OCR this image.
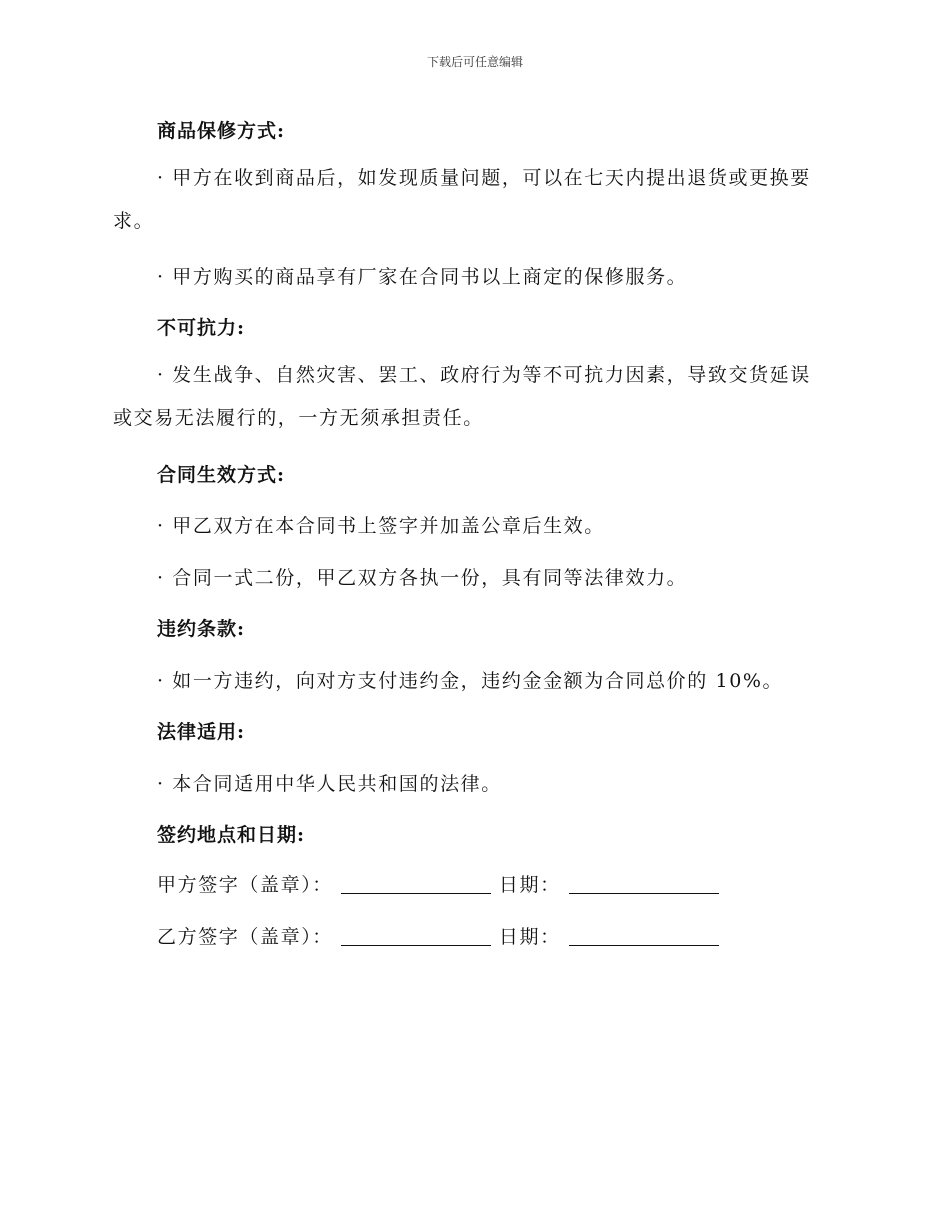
下载后可任意编辑
商品保修方式:
· 甲方在收到商品后，如发现质量问题，可以在七天内提出退货或更换要求。
· 甲方购买的商品享有厂家在合同书以上商定的保修服务。
不可抗力:
· 发生战争、自然灾害、罢工、政府行为等不可抗力因素，导致交货延误或交易无法履行的，一方无须承担责任。
合同生效方式:
· 甲乙双方在本合同书上签字并加盖公章后生效。
· 合同一式二份，甲乙双方各执一份，具有同等法律效力。
违约条款:
· 如一方违约，向对方支付违约金，违约金金额为合同总价的 10%。
法律适用:
· 本合同适用中华人民共和国的法律。
签约地点和日期:
甲方签字（盖章）：	日期：
乙方签字（盖章）：	日期：
